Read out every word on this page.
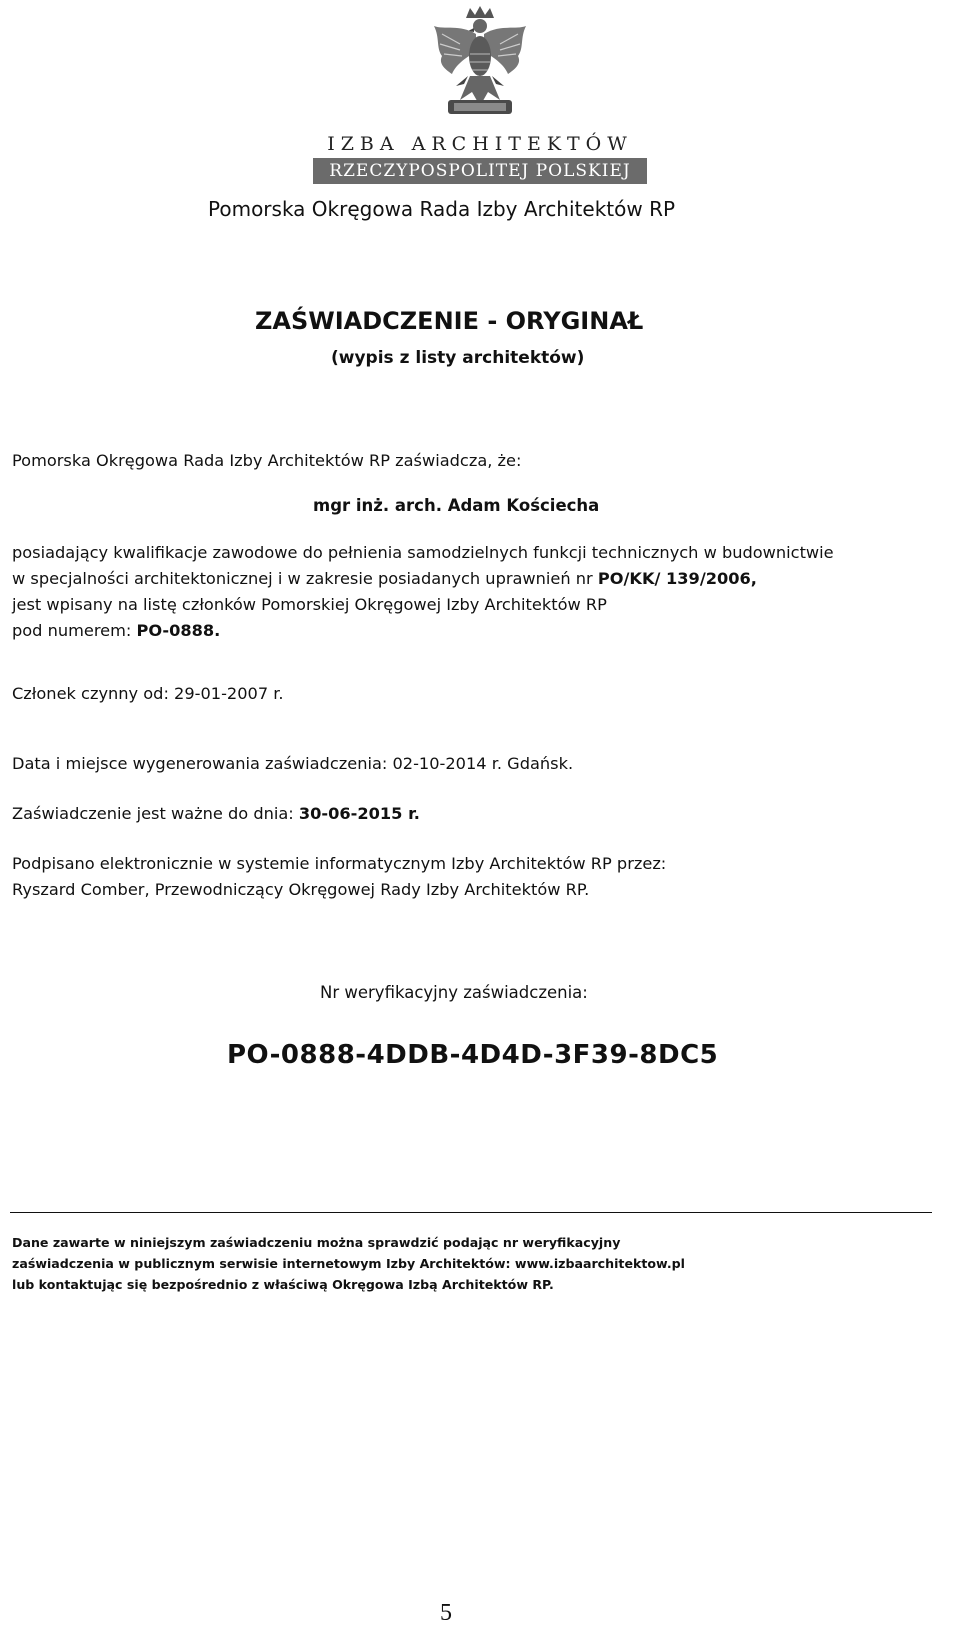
IZBA ARCHITEKTÓW
RZECZYPOSPOLITEJ POLSKIEJ
Pomorska Okręgowa Rada Izby Architektów RP
ZAŚWIADCZENIE - ORYGINAŁ
(wypis z listy architektów)
Pomorska Okręgowa Rada Izby Architektów RP zaświadcza, że:
mgr inż. arch. Adam Kościecha
posiadający kwalifikacje zawodowe do pełnienia samodzielnych funkcji technicznych w budownictwie
w specjalności architektonicznej i w zakresie posiadanych uprawnień nr PO/KK/ 139/2006,
jest wpisany na listę członków Pomorskiej Okręgowej Izby Architektów RP
pod numerem: PO-0888.
Członek czynny od: 29-01-2007 r.
Data i miejsce wygenerowania zaświadczenia: 02-10-2014 r. Gdańsk.
Zaświadczenie jest ważne do dnia: 30-06-2015 r.
Podpisano elektronicznie w systemie informatycznym Izby Architektów RP przez:
Ryszard Comber, Przewodniczący Okręgowej Rady Izby Architektów RP.
Nr weryfikacyjny zaświadczenia:
PO-0888-4DDB-4D4D-3F39-8DC5
Dane zawarte w niniejszym zaświadczeniu można sprawdzić podając nr weryfikacyjny
zaświadczenia w publicznym serwisie internetowym Izby Architektów: www.izbaarchitektow.pl
lub kontaktując się bezpośrednio z właściwą Okręgowa Izbą Architektów RP.
5
